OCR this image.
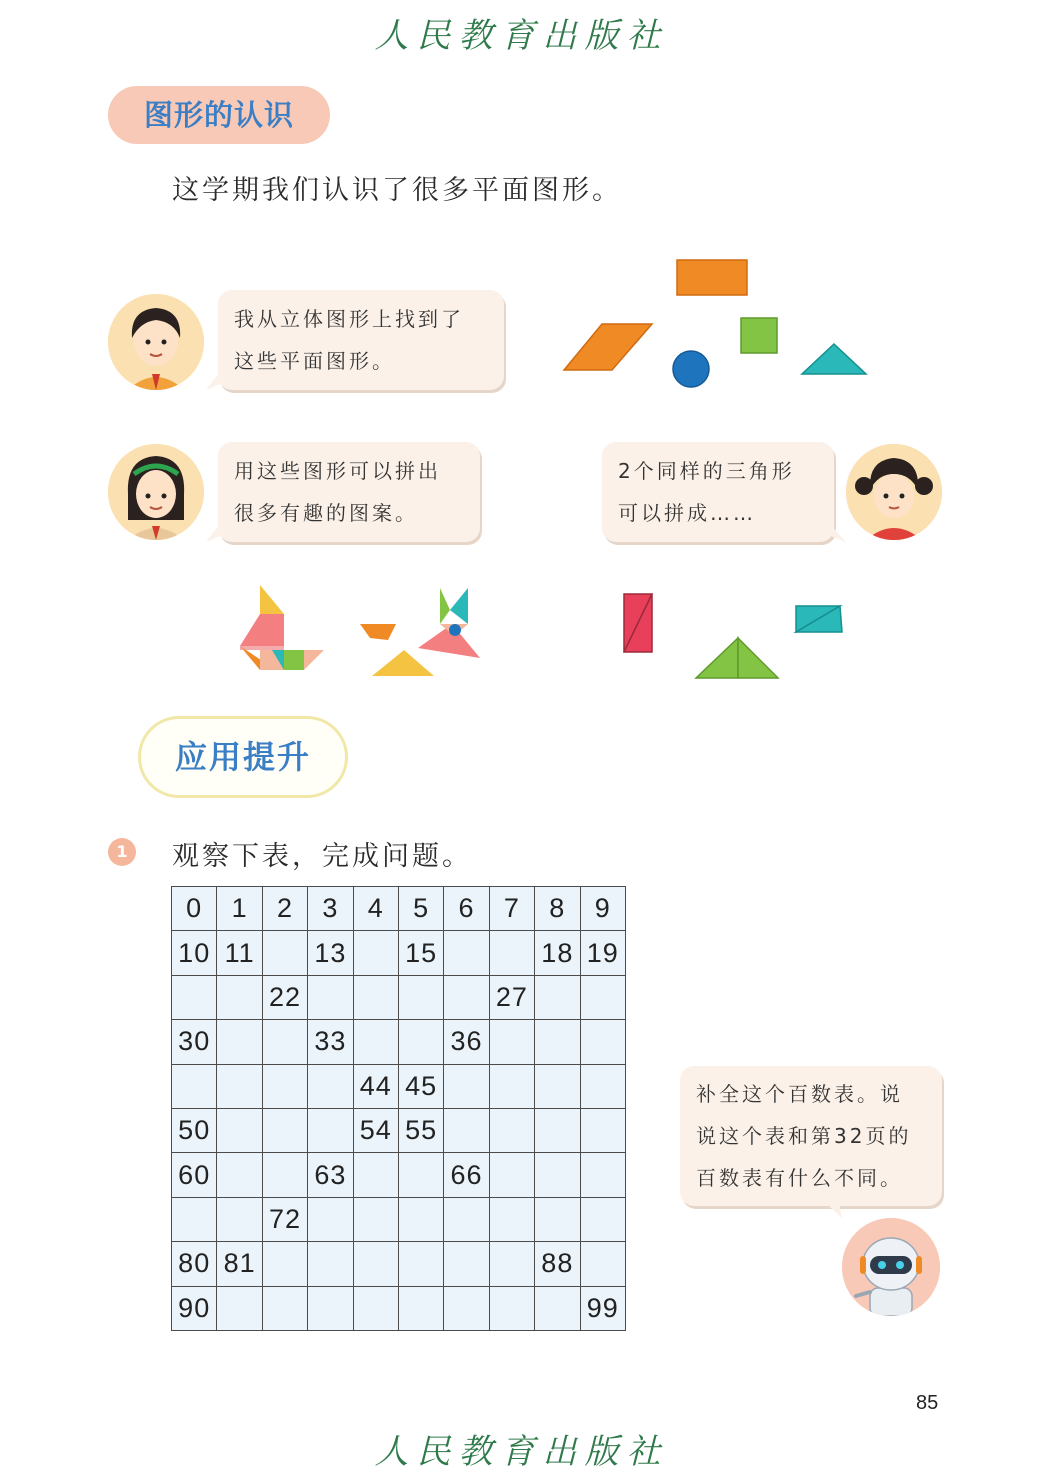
人民教育出版社
图形的认识
这学期我们认识了很多平面图形。
我从立体图形上找到了
这些平面图形。
用这些图形可以拼出
很多有趣的图案。
2个同样的三角形
可以拼成……
应用提升
1	观察下表，完成问题。
0	1	2	3	4	5	6	7	8	9
10	11		13		15			18	19
		22					27		
30			33			36			
				44	45				
50				54	55				
60			63			66			
		72							
80	81							88	
90									99
补全这个百数表。说
说这个表和第32页的
百数表有什么不同。
85
人民教育出版社
